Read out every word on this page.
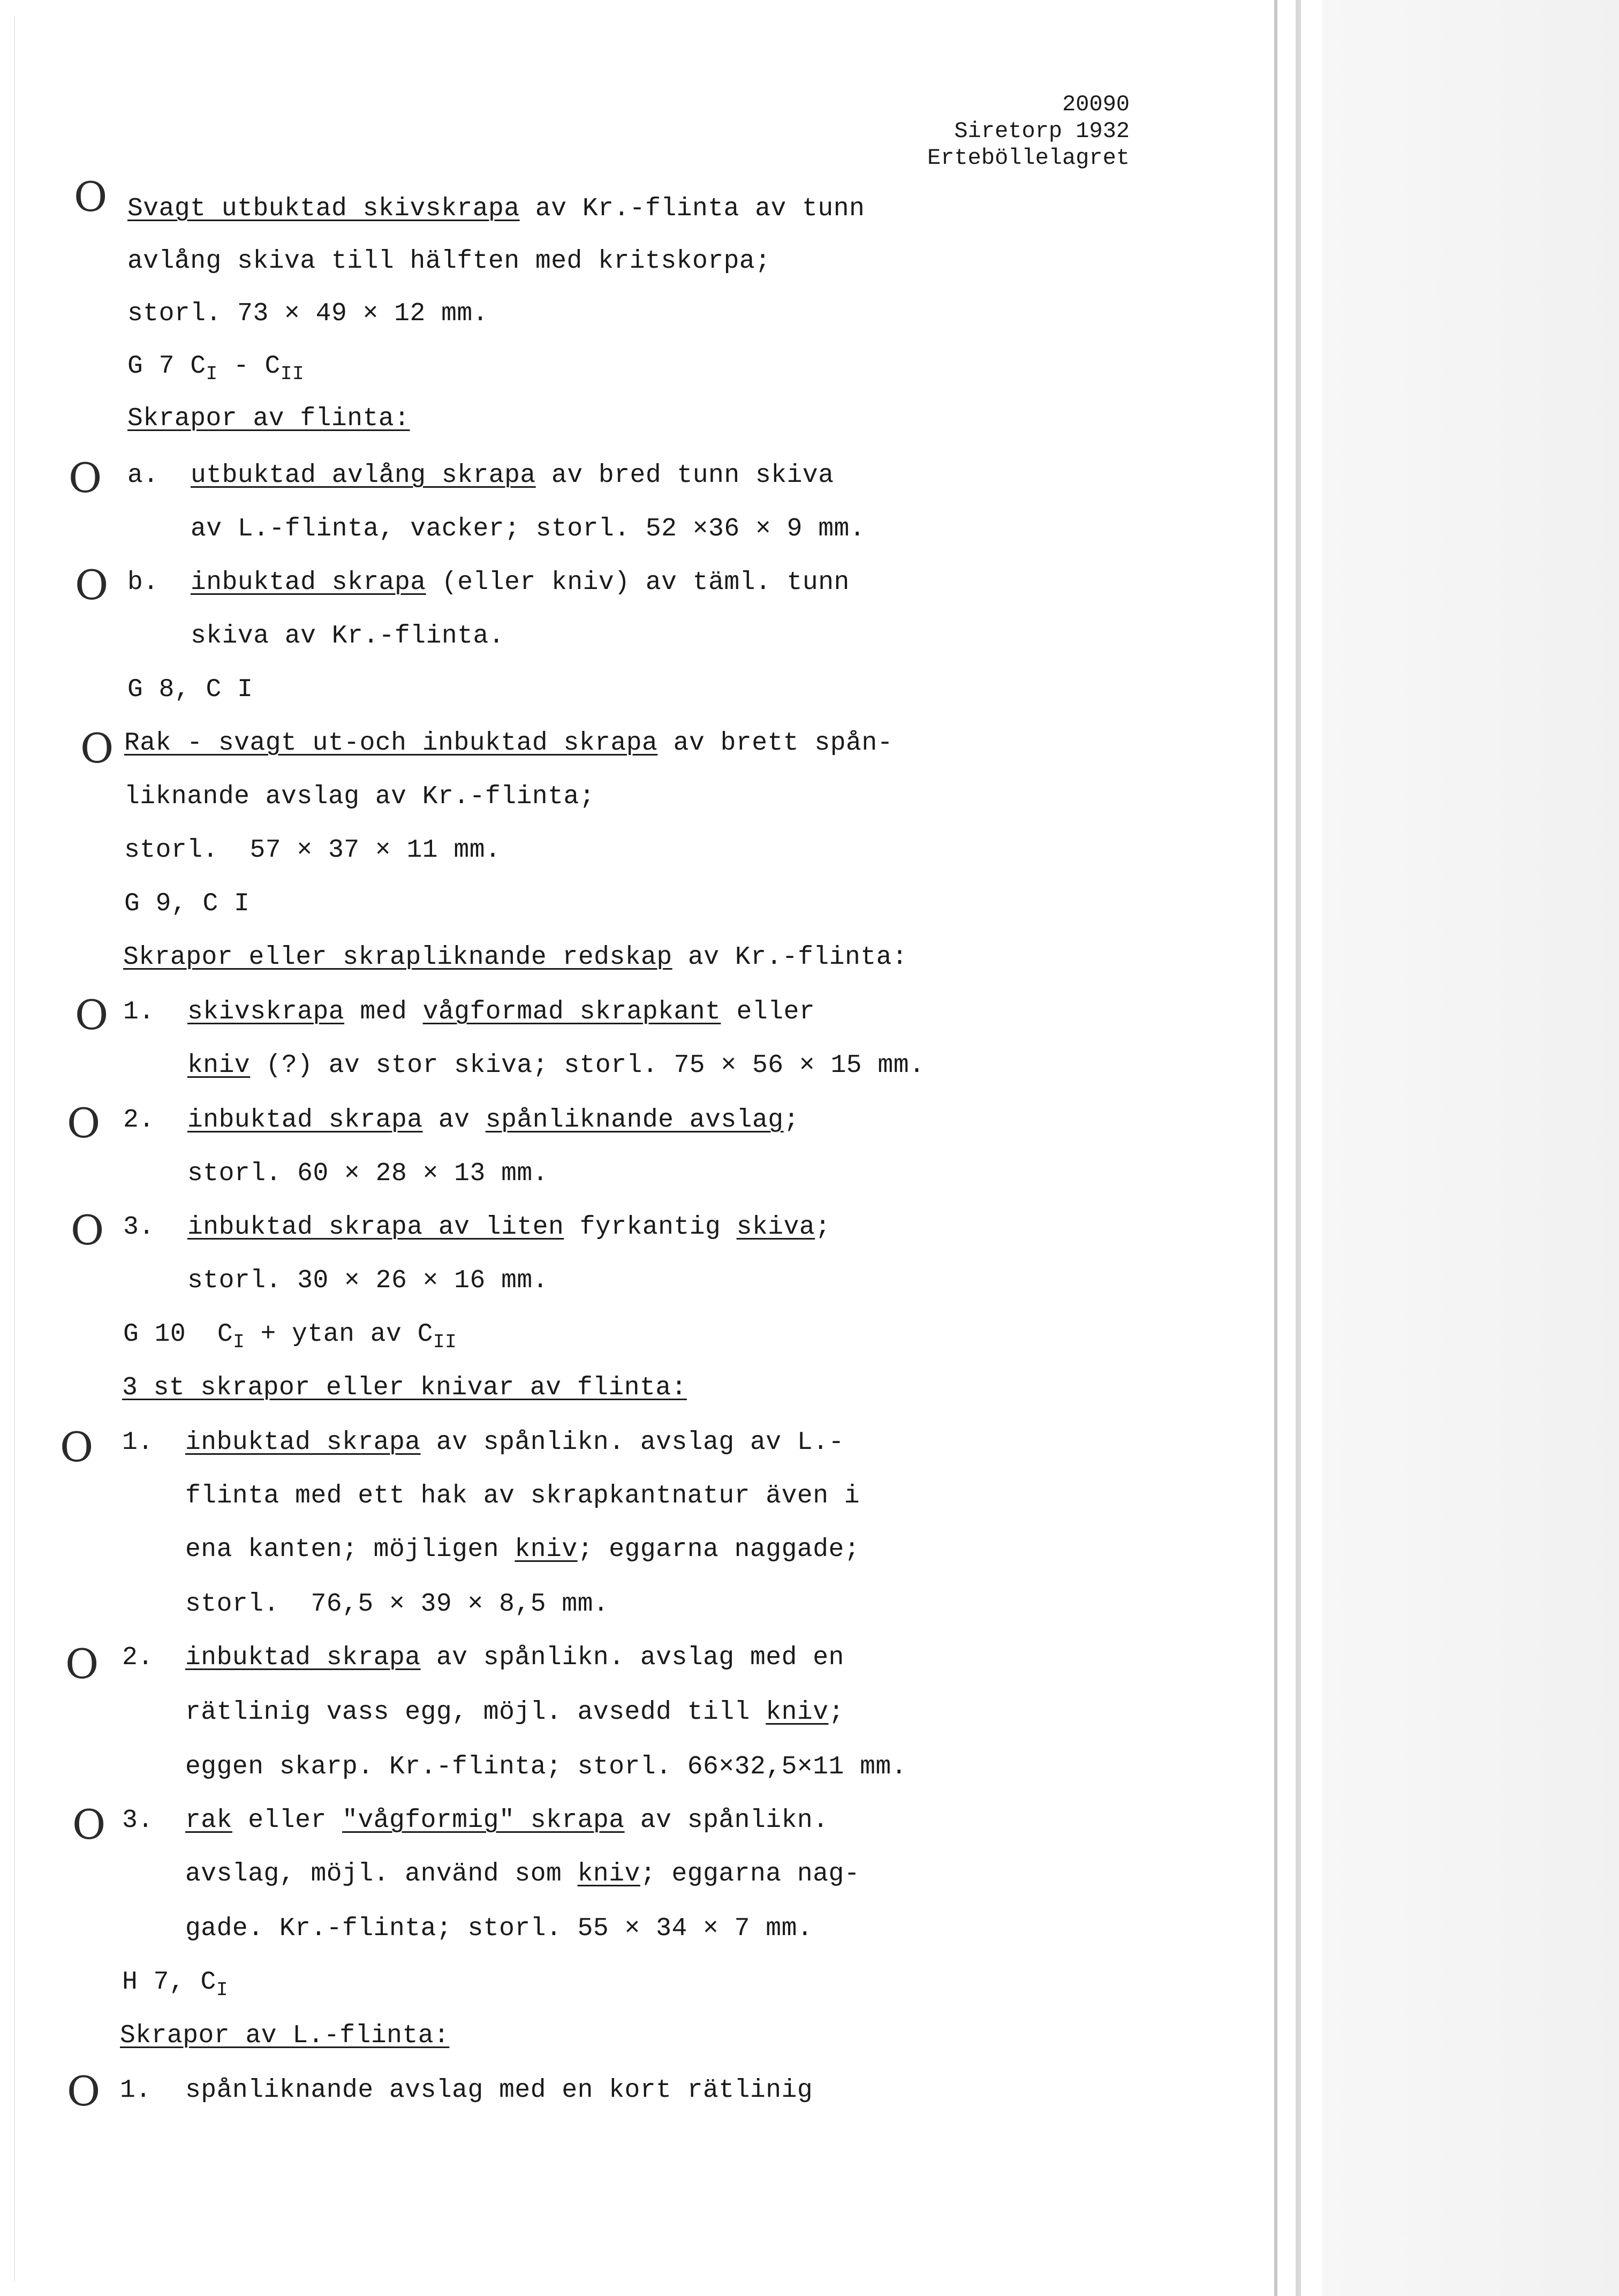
20090
Siretorp 1932
Erteböllelagret
O
O
O
O
O
O
O
O
O
O
O
Svagt utbuktad skivskrapa av Kr.-flinta av tunn
avlång skiva till hälften med kritskorpa;
storl. 73 × 49 × 12 mm.
G 7 $C_I - C_{II}$
Skrapor av flinta:
a. utbuktad avlång skrapa av bred tunn skiva
av L.-flinta, vacker; storl. 52 ×36 × 9 mm.
b. inbuktad skrapa (eller kniv) av täml. tunn
skiva av Kr.-flinta.
G 8, C I
Rak - svagt ut-och inbuktad skrapa av brett spån-
liknande avslag av Kr.-flinta;
storl.  57 × 37 × 11 mm.
G 9, C I
Skrapor eller skrapliknande redskap av Kr.-flinta:
1. skivskrapa med vågformad skrapkant eller
kniv (?) av stor skiva; storl. 75 × 56 × 15 mm.
2. inbuktad skrapa av spånliknande avslag;
storl. 60 × 28 × 13 mm.
3. inbuktad skrapa av liten fyrkantig skiva;
storl. 30 × 26 × 16 mm.
G 10  $C_I + ytan$ av $C_{II}$
3 st skrapor eller knivar av flinta:
1. inbuktad skrapa av spånlikn. avslag av L.-
flinta med ett hak av skrapkantnatur även i
ena kanten; möjligen kniv; eggarna naggade;
storl.  76,5 × 39 × 8,5 mm.
2. inbuktad skrapa av spånlikn. avslag med en
rätlinig vass egg, möjl. avsedd till kniv;
eggen skarp. Kr.-flinta; storl. 66×32,5×11 mm.
3. rak eller "vågformig" skrapa av spånlikn.
avslag, möjl. använd som kniv; eggarna nag-
gade. Kr.-flinta; storl. 55 × 34 × 7 mm.
H 7, $C_I$
Skrapor av L.-flinta:
1. spånliknande avslag med en kort rätlinig
